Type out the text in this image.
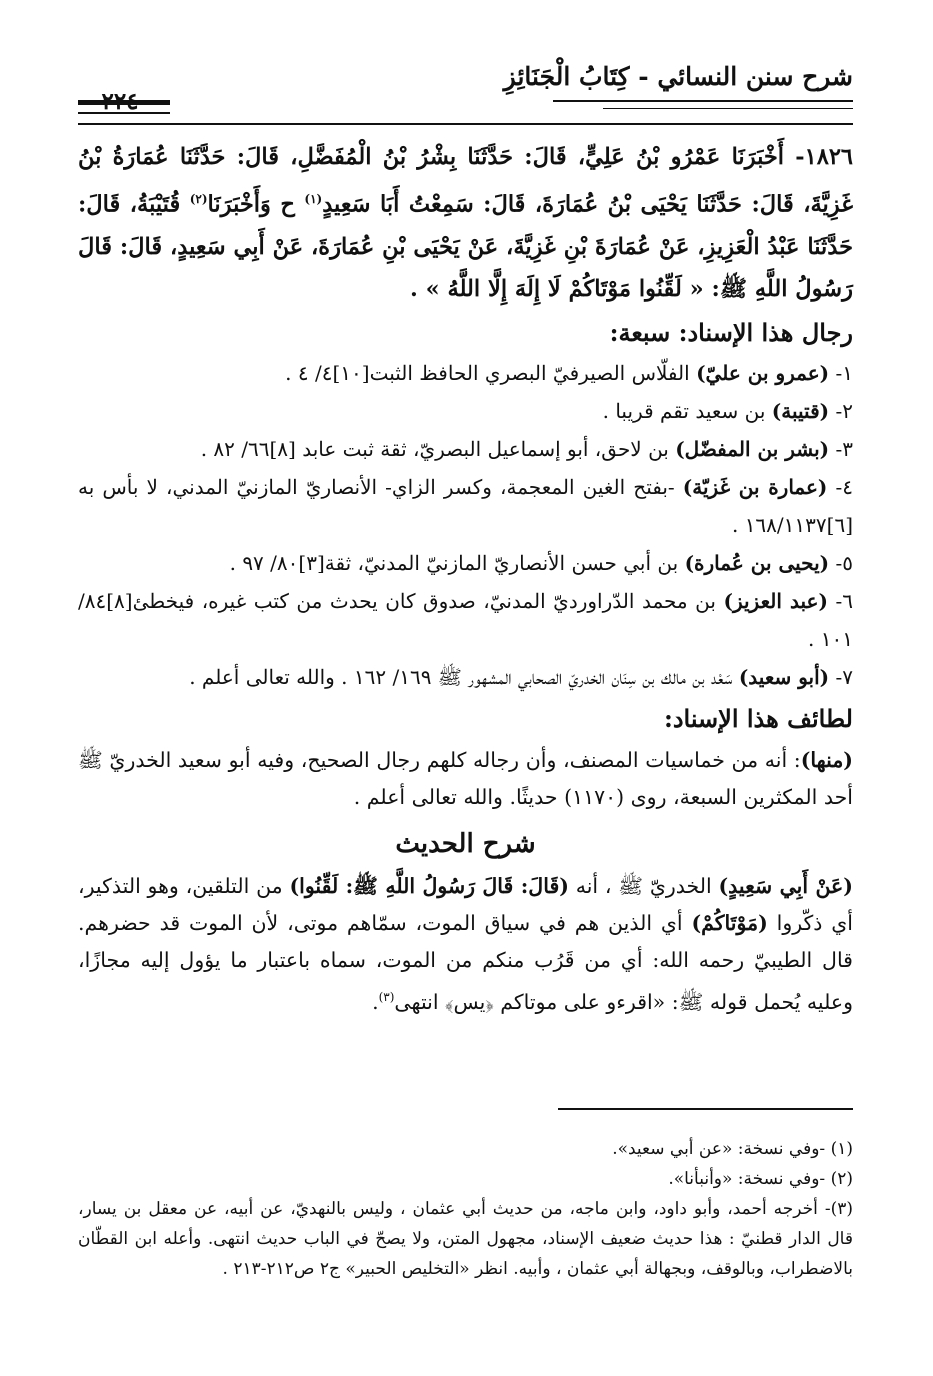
شرح سنن النسائي - كِتَابُ الْجَنَائِزِ

١٨٢٦- أَخْبَرَنَا عَمْرُو بْنُ عَلِيٍّ، قَالَ: حَدَّثَنَا بِشْرُ بْنُ الْمُفَضَّلِ، قَالَ: حَدَّثَنَا عُمَارَةُ بْنُ غَزِيَّةَ، قَالَ: حَدَّثَنَا يَحْيَى بْنُ عُمَارَةَ، قَالَ: سَمِعْتُ أَبَا سَعِيدٍ$^{(١)}$ ح وَأَخْبَرَنَا$^{(٢)}$ قُتَيْبَةُ، قَالَ: حَدَّثَنَا عَبْدُ الْعَزِيزِ، عَنْ عُمَارَةَ بْنِ غَزِيَّةَ، عَنْ يَحْيَى بْنِ عُمَارَةَ، عَنْ أَبِي سَعِيدٍ، قَالَ: قَالَ رَسُولُ اللَّهِ ﷺ: « لَقِّنُوا مَوْتَاكُمْ لَا إِلَهَ إِلَّا اللَّهُ » .

رجال هذا الإسناد: سبعة:
١- (عمرو بن عليّ) الفلّاس الصيرفيّ البصري الحافظ الثبت[١٠]٤/ ٤ .
٢- (قتيبة) بن سعيد تقم قريبا .
٣- (بشر بن المفضّل) بن لاحق، أبو إسماعيل البصريّ، ثقة ثبت عابد [٨]٦٦/ ٨٢ .
٤- (عمارة بن غَزيّة) -بفتح الغين المعجمة، وكسر الزاي- الأنصاريّ المازنيّ المدني، لا بأس به [٦]١٦٨/١١٣٧ .
٥- (يحيى بن عُمارة) بن أبي حسن الأنصاريّ المازنيّ المدنيّ، ثقة[٣]٨٠/ ٩٧ .
٦- (عبد العزيز) بن محمد الدّراورديّ المدنيّ، صدوق كان يحدث من كتب غيره، فيخطئ[٨]٨٤/ ١٠١ .
٧- (أبو سعيد) سَعْد بن مالك بن سِنَان الخدريّ الصحابي المشهور ﷺ ١٦٩/ ١٦٢ . والله تعالى أعلم .
لطائف هذا الإسناد:

(منها): أنه من خماسيات المصنف، وأن رجاله كلهم رجال الصحيح، وفيه أبو سعيد الخدريّ ﷺ أحد المكثرين السبعة، روى (١١٧٠) حديثًا. والله تعالى أعلم .

شرح الحديث

(عَنْ أَبِي سَعِيدٍ) الخدريّ ﷺ ، أنه (قَالَ: قَالَ رَسُولُ اللَّهِ ﷺ: لَقِّنُوا) من التلقين، وهو التذكير، أي ذكّروا (مَوْتَاكُمْ) أي الذين هم في سياق الموت، سمّاهم موتى، لأن الموت قد حضرهم. قال الطيبيّ رحمه الله: أي من قَرُب منكم من الموت، سماه باعتبار ما يؤول إليه مجازًا، وعليه يُحمل قوله ﷺ: «اقرءو على موتاكم ﴿يس﴾ انتهى$^{(٣)}$.

(١) -وفي نسخة: «عن أبي سعيد».

(٢) -وفي نسخة: «وأنبأنا».

(٣)- أخرجه أحمد، وأبو داود، وابن ماجه، من حديث أبي عثمان ، وليس بالنهديّ، عن أبيه، عن معقل بن يسار، قال الدار قطنيّ : هذا حديث ضعيف الإسناد، مجهول المتن، ولا يصحّ في الباب حديث انتهى. وأعله ابن القطّان بالاضطراب، وبالوقف، وبجهالة أبي عثمان ، وأبيه. انظر «التخليص الحبير» ج٢ ص٢١٢-٢١٣ .
